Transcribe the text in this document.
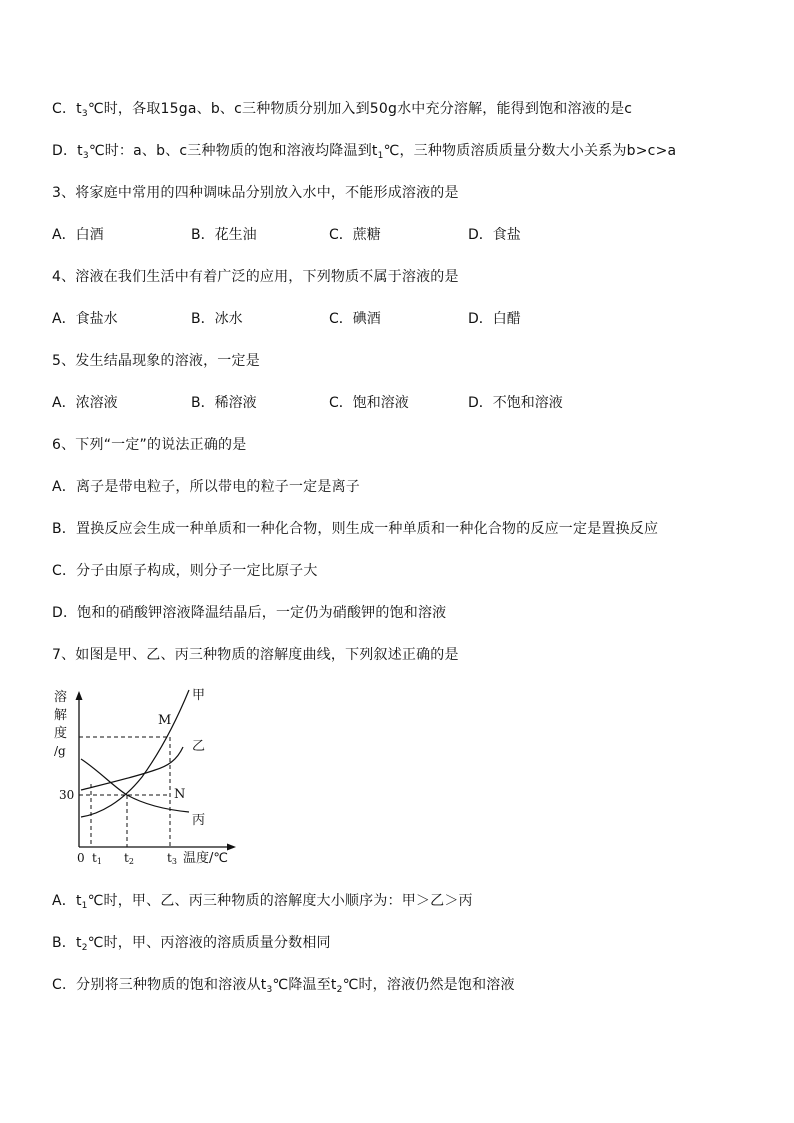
C．$t_3℃$时，各取15ga、b、c三种物质分别加入到50g水中充分溶解，能得到饱和溶液的是c
D．$t_3℃$时：a、b、c三种物质的饱和溶液均降温到$t_1℃$，三种物质溶质质量分数大小关系为b>c>a
3、将家庭中常用的四种调味品分别放入水中，不能形成溶液的是
A．白酒	B．花生油	C．蔗糖	D．食盐
4、溶液在我们生活中有着广泛的应用，下列物质不属于溶液的是
A．食盐水	B．冰水	C．碘酒	D．白醋
5、发生结晶现象的溶液，一定是
A．浓溶液	B．稀溶液	C．饱和溶液	D．不饱和溶液
6、下列“一定”的说法正确的是
A．离子是带电粒子，所以带电的粒子一定是离子
B．置换反应会生成一种单质和一种化合物，则生成一种单质和一种化合物的反应一定是置换反应
C．分子由原子构成，则分子一定比原子大
D．饱和的硝酸钾溶液降温结晶后，一定仍为硝酸钾的饱和溶液
7、如图是甲、乙、丙三种物质的溶解度曲线，下列叙述正确的是
溶
解
度
/g
30
M
N
甲
乙
丙
0 t1 t2	t3 温度/℃
A．$t_1℃$时，甲、乙、丙三种物质的溶解度大小顺序为：甲＞乙＞丙
B．$t_2℃$时，甲、丙溶液的溶质质量分数相同
C．分别将三种物质的饱和溶液从$t_3℃$降温至$t_2℃$时，溶液仍然是饱和溶液
